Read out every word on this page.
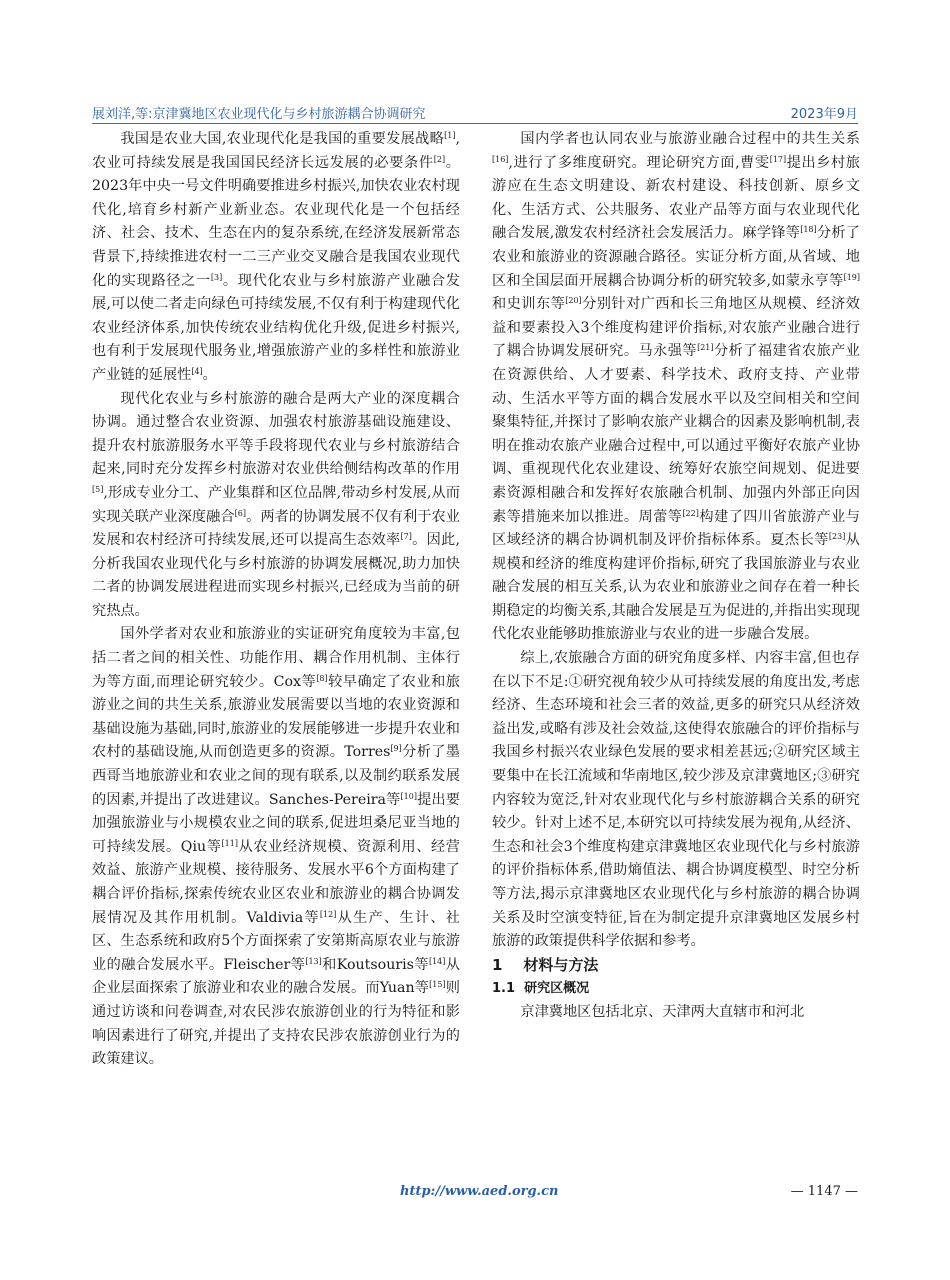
展刘洋,等:京津冀地区农业现代化与乡村旅游耦合协调研究	2023年9月

我国是农业大国,农业现代化是我国的重要发展战略[1],农业可持续发展是我国国民经济长远发展的必要条件[2]。2023年中央一号文件明确要推进乡村振兴,加快农业农村现代化,培育乡村新产业新业态。农业现代化是一个包括经济、社会、技术、生态在内的复杂系统,在经济发展新常态背景下,持续推进农村一二三产业交叉融合是我国农业现代化的实现路径之一[3]。现代化农业与乡村旅游产业融合发展,可以使二者走向绿色可持续发展,不仅有利于构建现代化农业经济体系,加快传统农业结构优化升级,促进乡村振兴,也有利于发展现代服务业,增强旅游产业的多样性和旅游业产业链的延展性[4]。

现代化农业与乡村旅游的融合是两大产业的深度耦合协调。通过整合农业资源、加强农村旅游基础设施建设、提升农村旅游服务水平等手段将现代农业与乡村旅游结合起来,同时充分发挥乡村旅游对农业供给侧结构改革的作用[5],形成专业分工、产业集群和区位品牌,带动乡村发展,从而实现关联产业深度融合[6]。两者的协调发展不仅有利于农业发展和农村经济可持续发展,还可以提高生态效率[7]。因此,分析我国农业现代化与乡村旅游的协调发展概况,助力加快二者的协调发展进程进而实现乡村振兴,已经成为当前的研究热点。

国外学者对农业和旅游业的实证研究角度较为丰富,包括二者之间的相关性、功能作用、耦合作用机制、主体行为等方面,而理论研究较少。Cox等[8]较早确定了农业和旅游业之间的共生关系,旅游业发展需要以当地的农业资源和基础设施为基础,同时,旅游业的发展能够进一步提升农业和农村的基础设施,从而创造更多的资源。Torres[9]分析了墨西哥当地旅游业和农业之间的现有联系,以及制约联系发展的因素,并提出了改进建议。Sanches-Pereira等[10]提出要加强旅游业与小规模农业之间的联系,促进坦桑尼亚当地的可持续发展。Qiu等[11]从农业经济规模、资源利用、经营效益、旅游产业规模、接待服务、发展水平6个方面构建了耦合评价指标,探索传统农业区农业和旅游业的耦合协调发展情况及其作用机制。Valdivia等[12]从生产、生计、社区、生态系统和政府5个方面探索了安第斯高原农业与旅游业的融合发展水平。Fleischer等[13]和Koutsouris等[14]从企业层面探索了旅游业和农业的融合发展。而Yuan等[15]则通过访谈和问卷调查,对农民涉农旅游创业的行为特征和影响因素进行了研究,并提出了支持农民涉农旅游创业行为的政策建议。

国内学者也认同农业与旅游业融合过程中的共生关系[16],进行了多维度研究。理论研究方面,曹雯[17]提出乡村旅游应在生态文明建设、新农村建设、科技创新、原乡文化、生活方式、公共服务、农业产品等方面与农业现代化融合发展,激发农村经济社会发展活力。麻学锋等[18]分析了农业和旅游业的资源融合路径。实证分析方面,从省域、地区和全国层面开展耦合协调分析的研究较多,如蒙永亨等[19]和史训东等[20]分别针对广西和长三角地区从规模、经济效益和要素投入3个维度构建评价指标,对农旅产业融合进行了耦合协调发展研究。马永强等[21]分析了福建省农旅产业在资源供给、人才要素、科学技术、政府支持、产业带动、生活水平等方面的耦合发展水平以及空间相关和空间聚集特征,并探讨了影响农旅产业耦合的因素及影响机制,表明在推动农旅产业融合过程中,可以通过平衡好农旅产业协调、重视现代化农业建设、统筹好农旅空间规划、促进要素资源相融合和发挥好农旅融合机制、加强内外部正向因素等措施来加以推进。周蕾等[22]构建了四川省旅游产业与区域经济的耦合协调机制及评价指标体系。夏杰长等[23]从规模和经济的维度构建评价指标,研究了我国旅游业与农业融合发展的相互关系,认为农业和旅游业之间存在着一种长期稳定的均衡关系,其融合发展是互为促进的,并指出实现现代化农业能够助推旅游业与农业的进一步融合发展。

综上,农旅融合方面的研究角度多样、内容丰富,但也存在以下不足:①研究视角较少从可持续发展的角度出发,考虑经济、生态环境和社会三者的效益,更多的研究只从经济效益出发,或略有涉及社会效益,这使得农旅融合的评价指标与我国乡村振兴农业绿色发展的要求相差甚远;②研究区域主要集中在长江流域和华南地区,较少涉及京津冀地区;③研究内容较为宽泛,针对农业现代化与乡村旅游耦合关系的研究较少。针对上述不足,本研究以可持续发展为视角,从经济、生态和社会3个维度构建京津冀地区农业现代化与乡村旅游的评价指标体系,借助熵值法、耦合协调度模型、时空分析等方法,揭示京津冀地区农业现代化与乡村旅游的耦合协调关系及时空演变特征,旨在为制定提升京津冀地区发展乡村旅游的政策提供科学依据和参考。

1 材料与方法

1.1 研究区概况

京津冀地区包括北京、天津两大直辖市和河北

http://www.aed.org.cn	— 1147 —
